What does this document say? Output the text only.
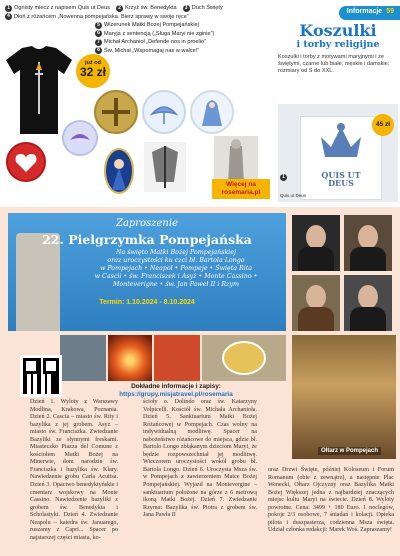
Informacje 59
1 Ognisty miecz z napisem Quis ut Deus	2 Krzyż św. Benedykta	3 Duch Święty
4 Dłoń z różańcem „Nowenna pompejańska. Bierz sprawy w swoje ręce”
5 Wizerunek Matki Bożej Pompejańskiej
6 Maryja z sentencją („Sługa Maryi nie zginie”)
7 Michał Archanioł „Defende nos in proelio”
8 Św. Michał „Wspomagaj nas w walce!”
już od
32 zł
Więcej na
rosemaria.pl
Koszulki
i torby religijne
Koszulki i torby z motywami maryjnymi i ze świętymi, czarne lub białe, męskie i damskie; rozmiary od S do XXL.
QUIS UT
DEUS
45 zł
1
Quis ut Deus
Zaproszenie
22. Pielgrzymka Pompejańska
Na święto Matki Bożej Pompejańskiej
oraz uroczystości ku czci bł. Bartola Longo
w Pompejach • Neapol • Pompeje • Święta Rita
w Cascii • św. Franciszek i Asyż • Monte Cassino •
Monteverigne • św. Jan Paweł II i Rzym
Termin: 1.10.2024 - 8.10.2024
Dokładne informacje i zapisy:
https://grupy.misjatravel.pl/rosemaria
Dzień 1. Wyloty z Warszawy Modlina, Krakowa, Poznania. Dzień 2. Cascia – miasto św. Rity i bazylika z jej grobem. Asyż – miasto św. Franciszka. Zwiedzanie Bazyliki ze słynnymi freskami. Miasteczko Piazza del Comune z kościołem Matki Bożej na Minerwie, dom narodzin św. Franciszka i bazylika św. Klary. Nawiedzenie grobu Carla Acutisa. Dzień 3. Opactwo benedyktyńskie i cmentarz wojskowy na Monte Cassino. Nawiedzenie bazyliki z grobem św. Benedykta i Scholastyki. Dzień 4. Zwiedzanie Neapolu – katedra św. Januarego, ruszamy z Capri... Spacer po najstarszej części miasta, ko-
ścioły o. Dolindo oraz św. Katarzyny Volpicelli. Kościół św. Michała Archanioła. Dzień 5. Sanktuarium Matki Bożej Różańcowej w Pompejach. Czas wolny na indywidualną modlitwę. Spacer na nabożeństwo różańcowe do miejsca, gdzie bł. Bartolo Longo zbłąkanym dzieciom Maryi, że będzie rozpowszechniał jej modlitwę. Wieczorem uroczystości wokół grobu bł. Bartola Longo. Dzień 6. Uroczysta Msza św. w Pompejach z zawierzeniem Matce Bożej Pompejańskiej. Wyjazd na Montevergine – sanktuarium położone na górze z 6 metrową ikoną Matki Bożej. Dzień 7. Zwiedzanie Rzymu: Bazylika św. Piotra z grobem św. Jana Pawła II
Ołtarz w Pompejach
oraz Drzwi Święte, później Koloseum i Forum Romanum (obie z zewnątrz), a następnie Plac Wenecki, Ołtarz Ojczyzny oraz Bazylika Matki Bożej Większej jedna z najbardziej znaczących miejsc kultu Maryi na świecie. Dzień 8. Wyloty powrotne. Cena: 3499 + 180 Euro. 1 noclegów, pokoje 2/3 osobowe, 7 śniadań i kolacji. Opieka pilota i duszpasterza, codzienna Msza święta. Udział członka redakcji: Marek Woś. Zapraszamy!
